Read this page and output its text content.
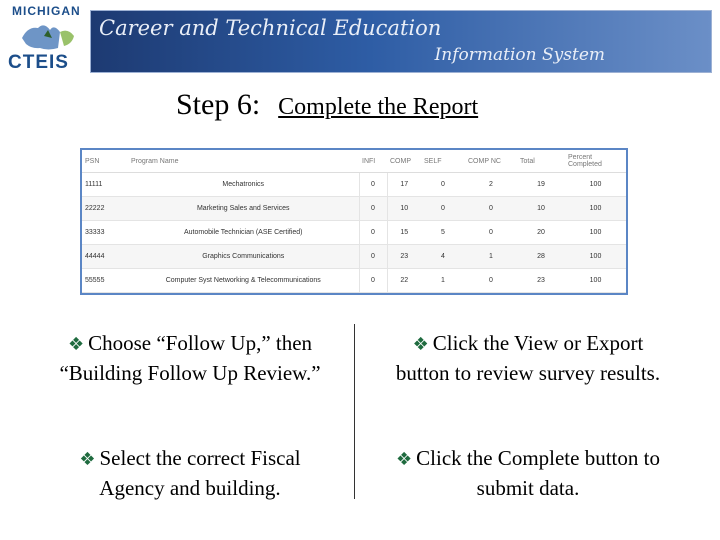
MICHIGAN
CTEIS
Career and Technical Education
Information System
Step 6: Complete the Report
PSN	Program Name	INFI	COMP	SELF	COMP NC	Total	Percent Completed
11111	Mechatronics	0	17	0	2	19	100
22222	Marketing Sales and Services	0	10	0	0	10	100
33333	Automobile Technician (ASE Certified)	0	15	5	0	20	100
44444	Graphics Communications	0	23	4	1	28	100
55555	Computer Syst Networking & Telecommunications	0	22	1	0	23	100
❖ Choose “Follow Up,” then “Building Follow Up Review.”
❖ Click the View or Export button to review survey results.
❖ Select the correct Fiscal Agency and building.
❖ Click the Complete button to submit data.
